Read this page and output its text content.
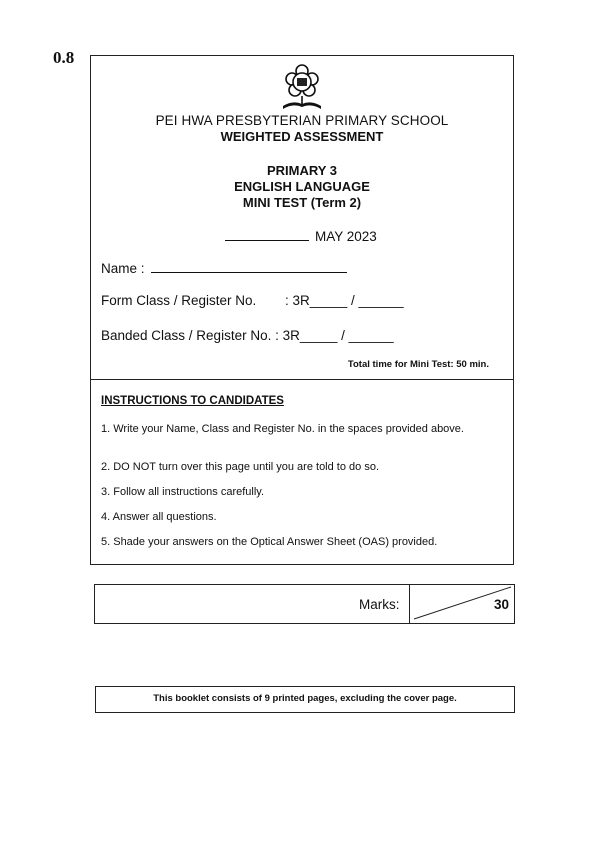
0.8
PEI HWA PRESBYTERIAN PRIMARY SCHOOL
WEIGHTED ASSESSMENT
PRIMARY 3
ENGLISH LANGUAGE
MINI TEST (Term 2)
MAY 2023
Name :
Form Class / Register No. : 3R_____ / ______
Banded Class / Register No. : 3R_____ / ______
Total time for Mini Test: 50 min.
INSTRUCTIONS TO CANDIDATES
1. Write your Name, Class and Register No. in the spaces provided above.
2. DO NOT turn over this page until you are told to do so.
3. Follow all instructions carefully.
4. Answer all questions.
5. Shade your answers on the Optical Answer Sheet (OAS) provided.
Marks:	30
This booklet consists of 9 printed pages, excluding the cover page.
